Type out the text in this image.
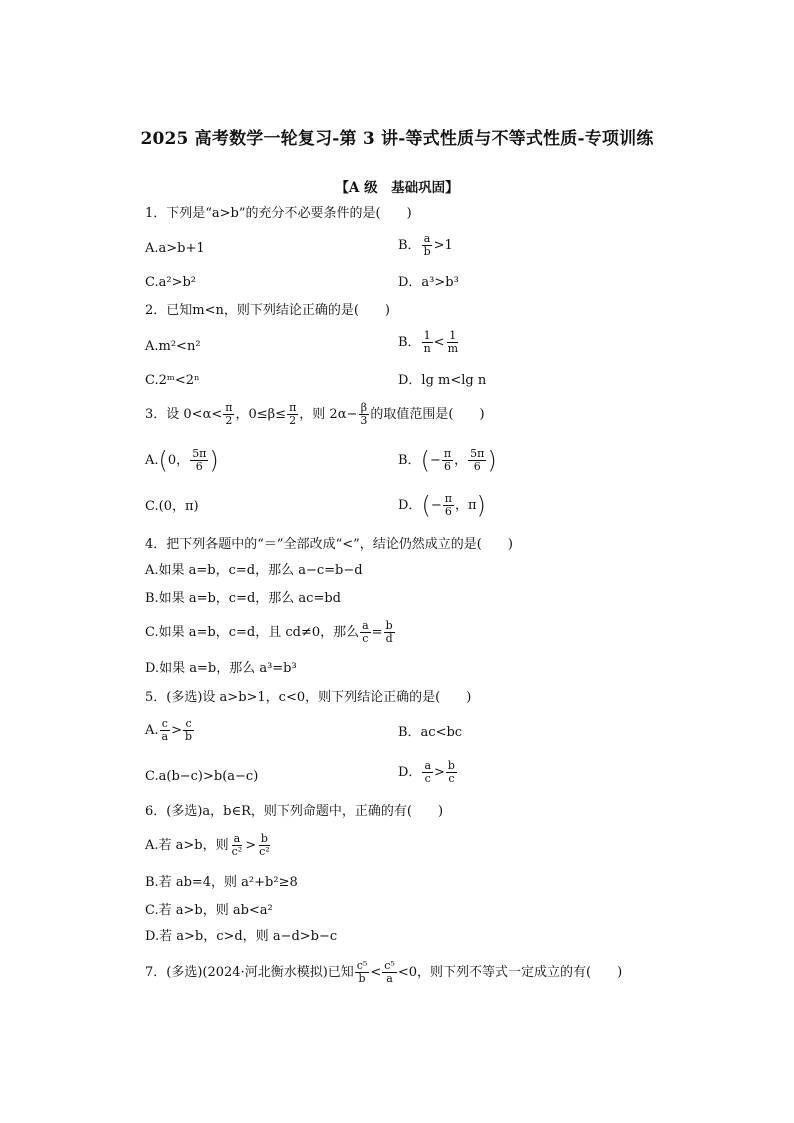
2025 高考数学一轮复习-第 3 讲-等式性质与不等式性质-专项训练
【A 级　基础巩固】
1．下列是“a>b”的充分不必要条件的是(　　)
A.a>b+1	B． $\frac{a}{b} >1$
C.a²>b²	D．a³>b³
2．已知m<n，则下列结论正确的是(　　)
A.m²<n²	B． $\frac{1}{n} < \frac{1}{m}$
C.2ᵐ<2ⁿ	D．lg m<lg n
3．设 $0<\alpha< \frac{\pi}{2}$ ，$0\le\beta\le \frac{\pi}{2}$ ，则 $2\alpha- \frac{\beta}{3}$ 的取值范围是(　　)
A.(0， $\frac{5\pi}{6}$ )	B．(− $\frac{\pi}{6}$ ， $\frac{5\pi}{6}$ )
C.(0，π)	D．(− $\frac{\pi}{6}$ ，π)
4．把下列各题中的“＝”全部改成“<”，结论仍然成立的是(　　)
A.如果 a=b，c=d，那么 a−c=b−d
B.如果 a=b，c=d，那么 ac=bd
C.如果 a=b，c=d，且 cd≠0，那么 $\frac{a}{c} = \frac{b}{d}$
D.如果 a=b，那么 a³=b³
5．(多选)设 a>b>1，c<0，则下列结论正确的是(　　)
A. $\frac{c}{a} > \frac{c}{b}$	B．ac<bc
C.a(b−c)>b(a−c)	D． $\frac{a}{c} > \frac{b}{c}$
6．(多选)a，b∈R，则下列命题中，正确的有(　　)
A.若 a>b，则 $\frac{a}{\text{c²}} > \frac{b}{\text{c²}}$
B.若 ab=4，则 a²+b²≥8
C.若 a>b，则 ab<a²
D.若 a>b，c>d，则 a−d>b−c
7．(多选)(2024·河北衡水模拟)已知 $\frac{\text{c⁵}}{b} < \frac{\text{c⁵}}{a} <0$，则下列不等式一定成立的有(　　)
